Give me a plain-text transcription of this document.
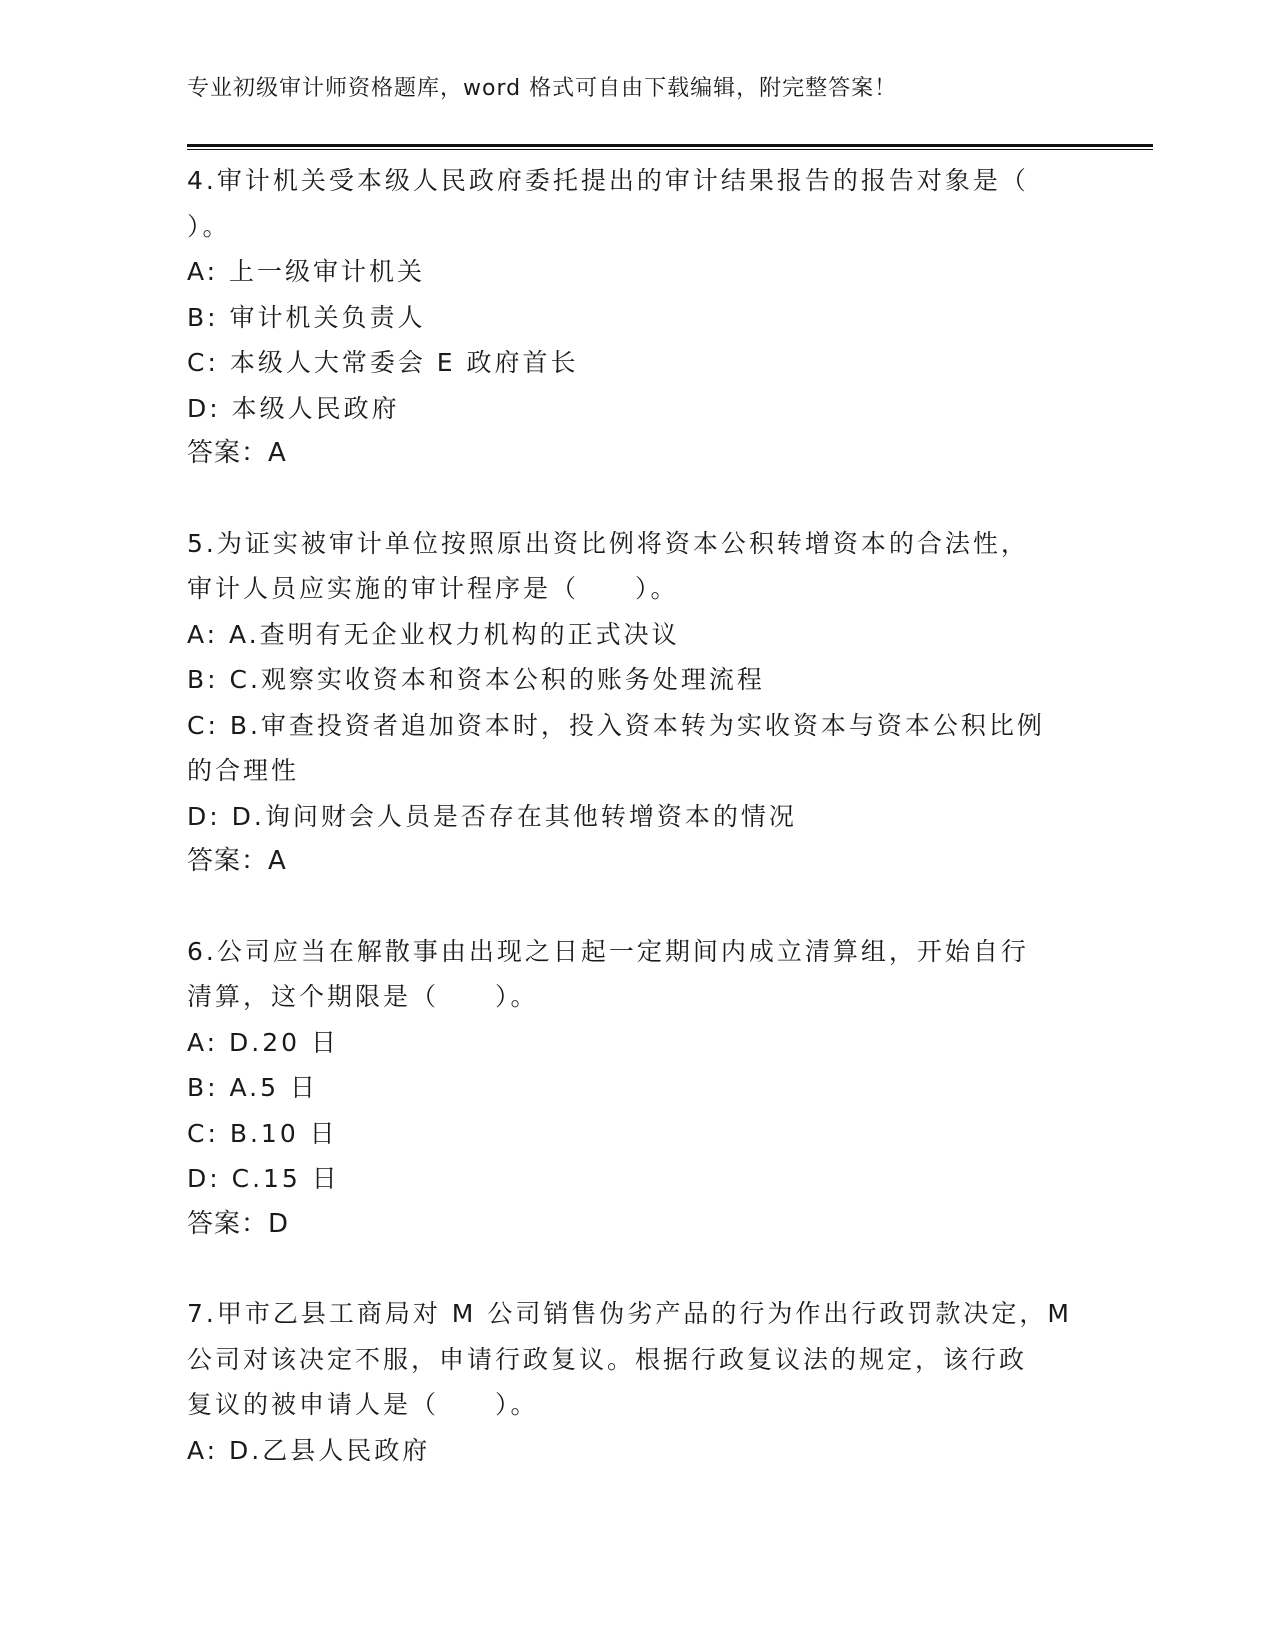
专业初级审计师资格题库，word 格式可自由下载编辑，附完整答案！
4.审计机关受本级人民政府委托提出的审计结果报告的报告对象是（
）。
A: 上一级审计机关
B: 审计机关负责人
C: 本级人大常委会 E 政府首长
D: 本级人民政府
答案：A
5.为证实被审计单位按照原出资比例将资本公积转增资本的合法性，
审计人员应实施的审计程序是（　　）。
A: A.查明有无企业权力机构的正式决议
B: C.观察实收资本和资本公积的账务处理流程
C: B.审查投资者追加资本时，投入资本转为实收资本与资本公积比例
的合理性
D: D.询问财会人员是否存在其他转增资本的情况
答案：A
6.公司应当在解散事由出现之日起一定期间内成立清算组，开始自行
清算，这个期限是（　　）。
A: D.20 日
B: A.5 日
C: B.10 日
D: C.15 日
答案：D
7.甲市乙县工商局对 M 公司销售伪劣产品的行为作出行政罚款决定，M
公司对该决定不服，申请行政复议。根据行政复议法的规定，该行政
复议的被申请人是（　　）。
A: D.乙县人民政府
